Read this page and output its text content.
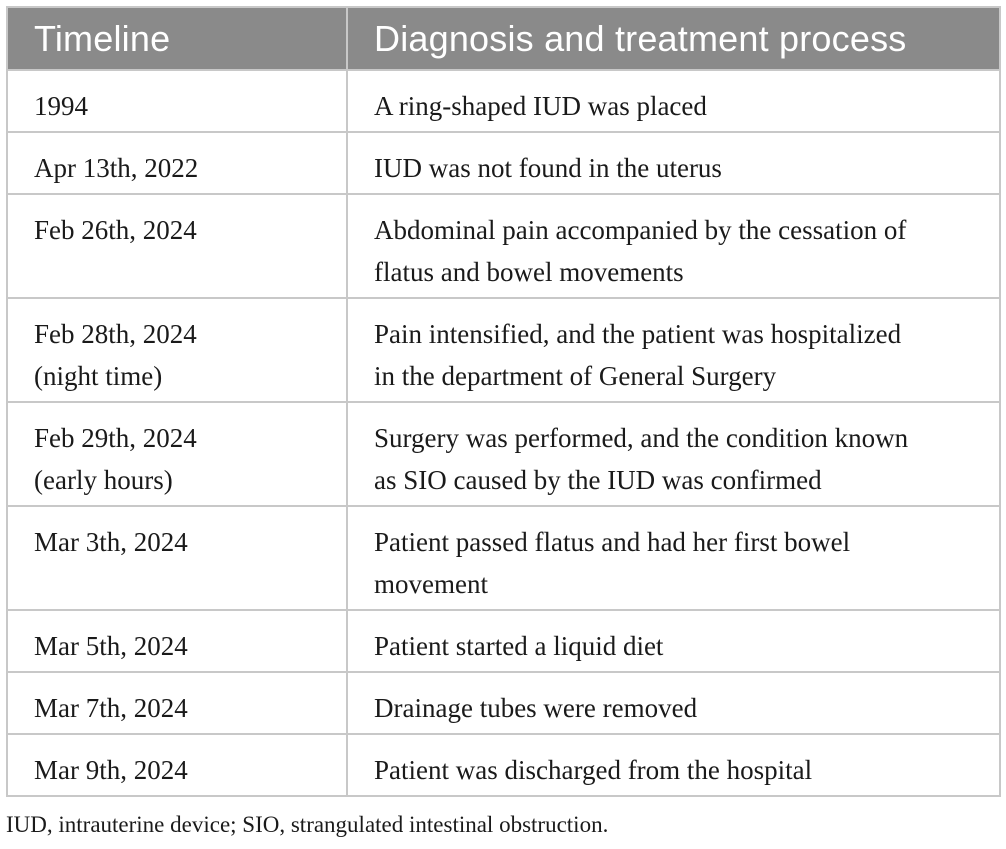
Timeline	Diagnosis and treatment process

1994	A ring-shaped IUD was placed

Apr 13th, 2022	IUD was not found in the uterus

Feb 26th, 2024	Abdominal pain accompanied by the cessation of
flatus and bowel movements

Feb 28th, 2024
(night time)	Pain intensified, and the patient was hospitalized
in the department of General Surgery

Feb 29th, 2024
(early hours)	Surgery was performed, and the condition known
as SIO caused by the IUD was confirmed

Mar 3th, 2024	Patient passed flatus and had her first bowel
movement

Mar 5th, 2024	Patient started a liquid diet

Mar 7th, 2024	Drainage tubes were removed

Mar 9th, 2024	Patient was discharged from the hospital
IUD, intrauterine device; SIO, strangulated intestinal obstruction.
